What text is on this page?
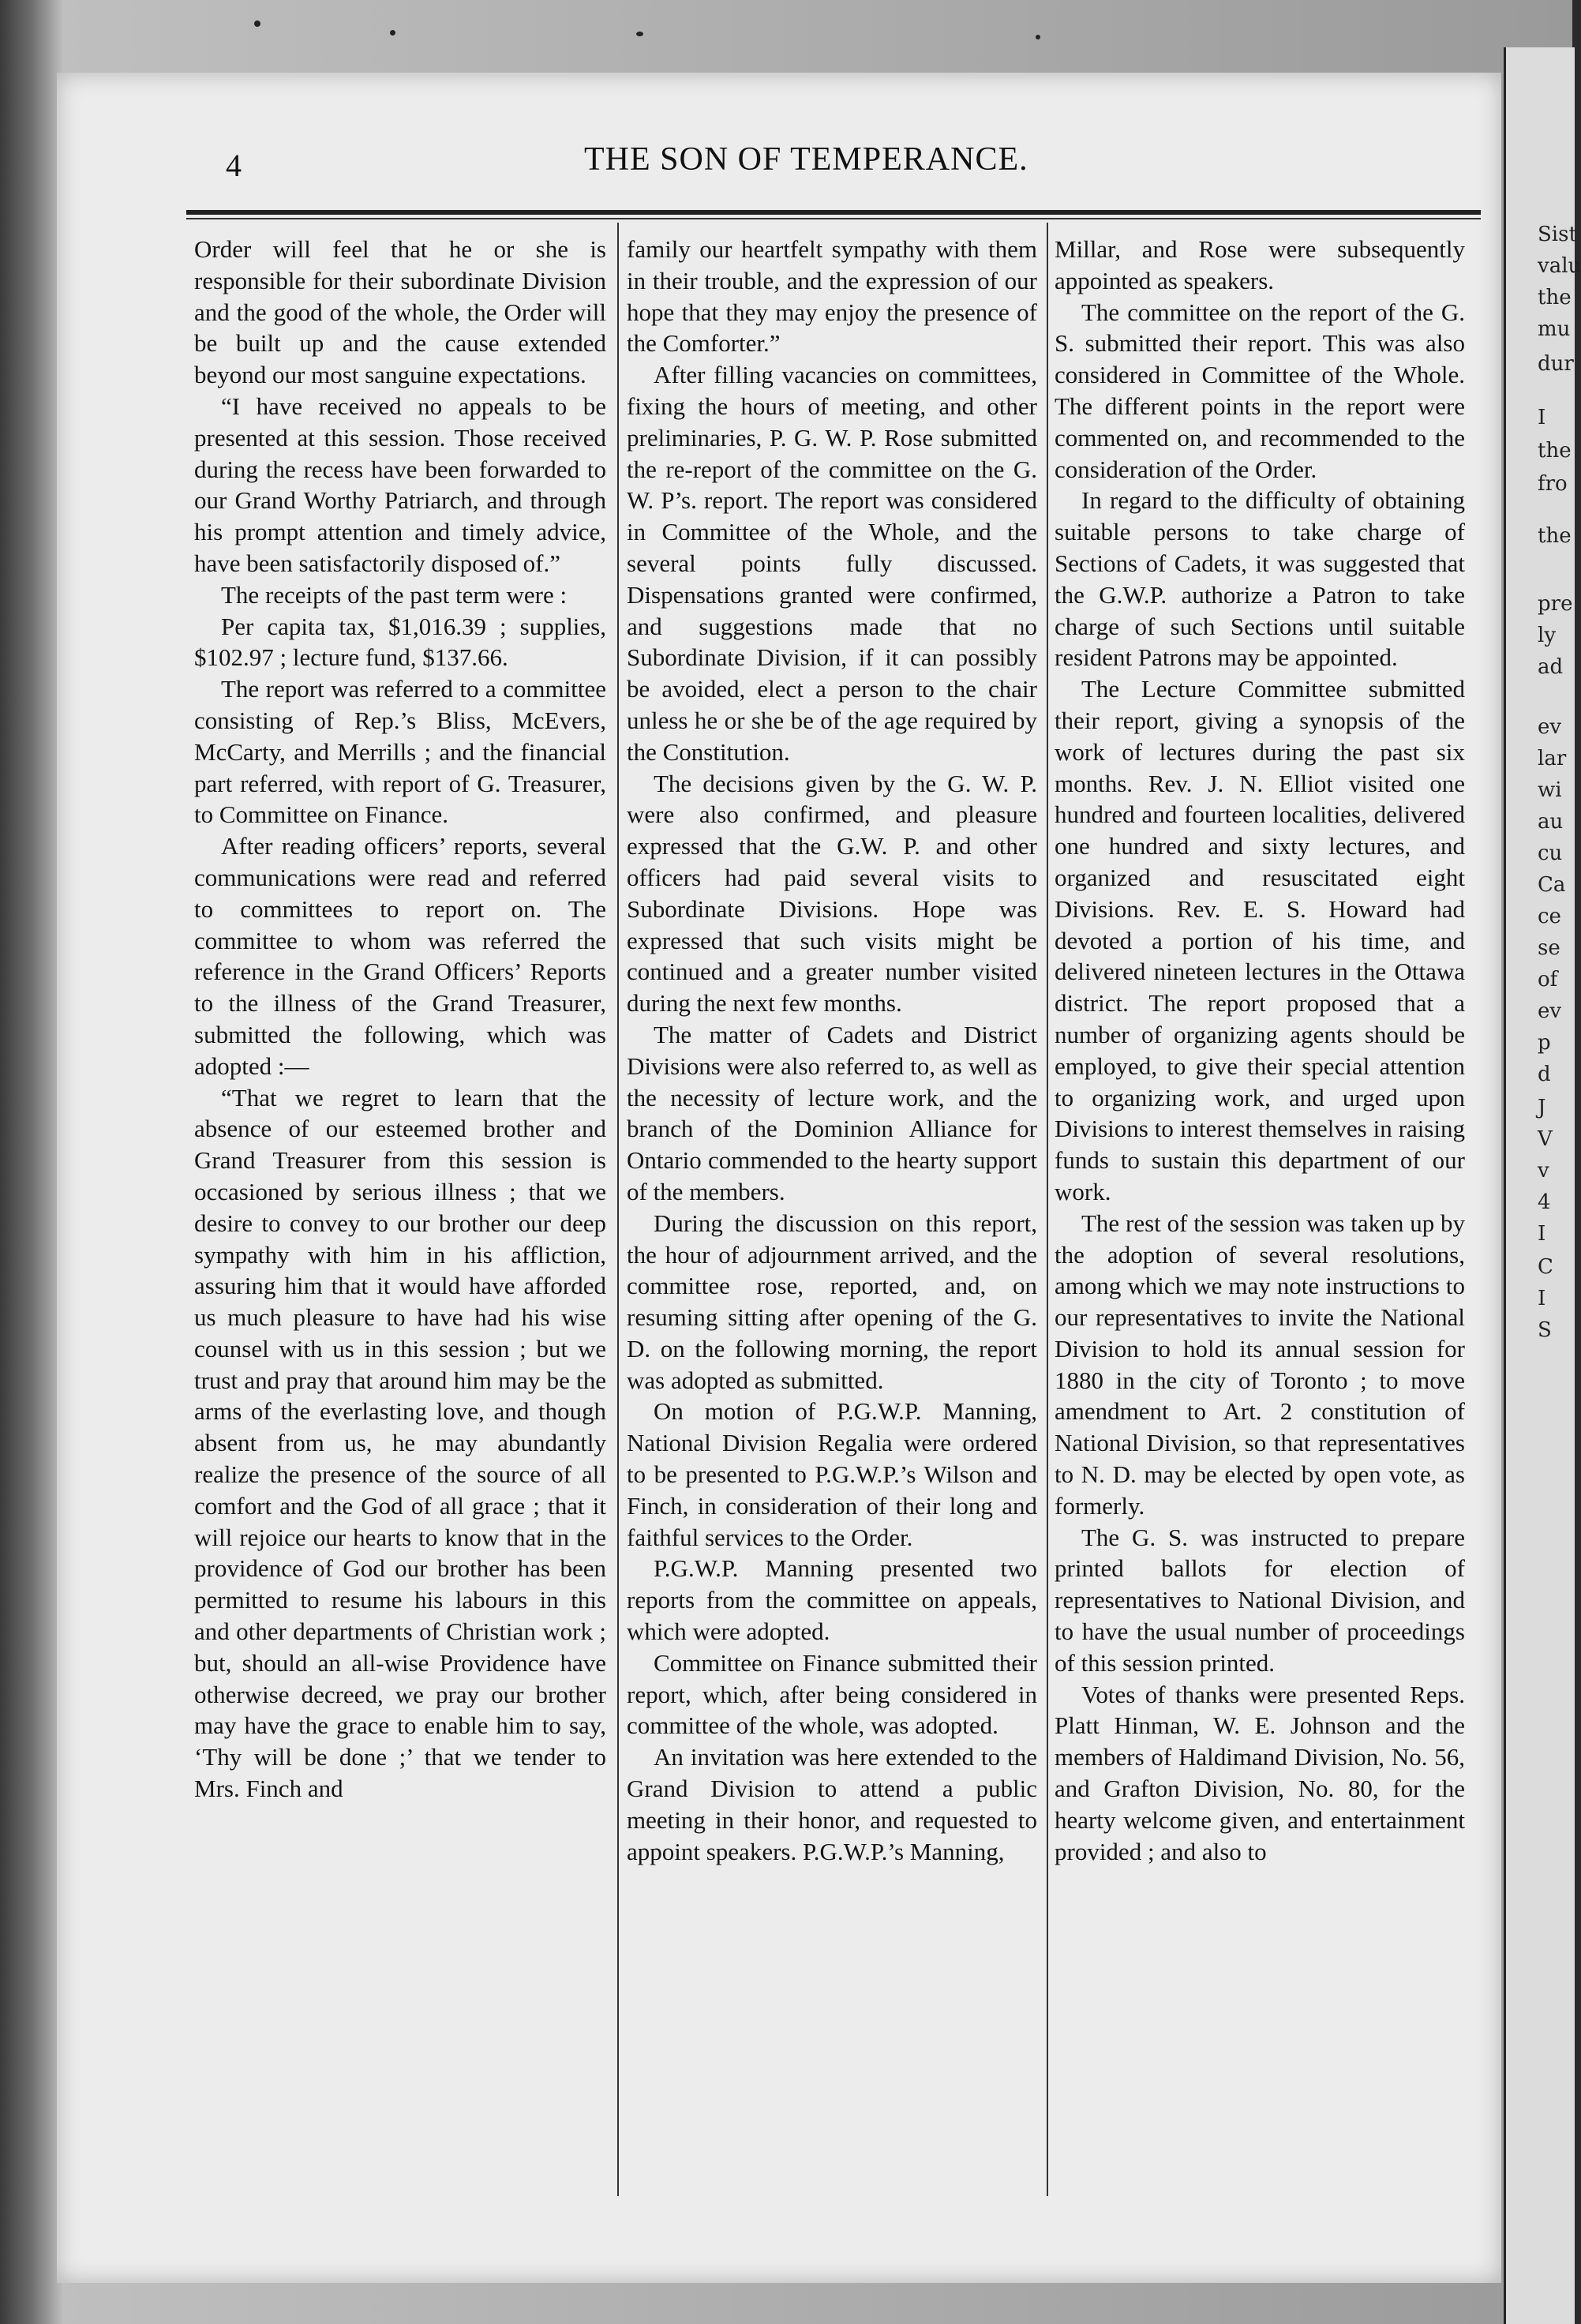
Sist
valu
the
mu
dur
I
the
fro
the
pre
ly
ad
ev
lar
wi
au
cu
Ca
ce
se
of
ev
p
d
J
V
v
4
I
C
I
S
4	THE SON OF TEMPERANCE.

Order will feel that he or she is responsible for their subordinate Division and the good of the whole, the Order will be built up and the cause extended beyond our most sanguine expectations.

“I have received no appeals to be presented at this session. Those received during the recess have been forwarded to our Grand Worthy Patriarch, and through his prompt attention and timely advice, have been satisfactorily disposed of.”

The receipts of the past term were :

Per capita tax, $1,016.39 ; supplies, $102.97 ; lecture fund, $137.66.

The report was referred to a committee consisting of Rep.’s Bliss, McEvers, McCarty, and Merrills ; and the financial part referred, with report of G. Treasurer, to Committee on Finance.

After reading officers’ reports, several communications were read and referred to committees to report on. The committee to whom was referred the reference in the Grand Officers’ Reports to the illness of the Grand Treasurer, submitted the following, which was adopted :—

“That we regret to learn that the absence of our esteemed brother and Grand Treasurer from this session is occasioned by serious illness ; that we desire to convey to our brother our deep sympathy with him in his affliction, assuring him that it would have afforded us much pleasure to have had his wise counsel with us in this session ; but we trust and pray that around him may be the arms of the everlasting love, and though absent from us, he may abundantly realize the presence of the source of all comfort and the God of all grace ; that it will rejoice our hearts to know that in the providence of God our brother has been permitted to resume his labours in this and other departments of Christian work ; but, should an all-wise Providence have otherwise decreed, we pray our brother may have the grace to enable him to say, ‘Thy will be done ;’ that we tender to Mrs. Finch and

family our heartfelt sympathy with them in their trouble, and the expression of our hope that they may enjoy the presence of the Comforter.”

After filling vacancies on committees, fixing the hours of meeting, and other preliminaries, P. G. W. P. Rose submitted the re-report of the committee on the G. W. P’s. report. The report was considered in Committee of the Whole, and the several points fully discussed. Dispensations granted were confirmed, and suggestions made that no Subordinate Division, if it can possibly be avoided, elect a person to the chair unless he or she be of the age required by the Constitution.

The decisions given by the G. W. P. were also confirmed, and pleasure expressed that the G.W. P. and other officers had paid several visits to Subordinate Divisions. Hope was expressed that such visits might be continued and a greater number visited during the next few months.

The matter of Cadets and District Divisions were also referred to, as well as the necessity of lecture work, and the branch of the Dominion Alliance for Ontario commended to the hearty support of the members.

During the discussion on this report, the hour of adjournment arrived, and the committee rose, reported, and, on resuming sitting after opening of the G. D. on the following morning, the report was adopted as submitted.

On motion of P.G.W.P. Manning, National Division Regalia were ordered to be presented to P.G.W.P.’s Wilson and Finch, in consideration of their long and faithful services to the Order.

P.G.W.P. Manning presented two reports from the committee on appeals, which were adopted.

Committee on Finance submitted their report, which, after being considered in committee of the whole, was adopted.

An invitation was here extended to the Grand Division to attend a public meeting in their honor, and requested to appoint speakers. P.G.W.P.’s Manning,

Millar, and Rose were subsequently appointed as speakers.

The committee on the report of the G. S. submitted their report. This was also considered in Committee of the Whole. The different points in the report were commented on, and recommended to the consideration of the Order.

In regard to the difficulty of obtaining suitable persons to take charge of Sections of Cadets, it was suggested that the G.W.P. authorize a Patron to take charge of such Sections until suitable resident Patrons may be appointed.

The Lecture Committee submitted their report, giving a synopsis of the work of lectures during the past six months. Rev. J. N. Elliot visited one hundred and fourteen localities, delivered one hundred and sixty lectures, and organized and resuscitated eight Divisions. Rev. E. S. Howard had devoted a portion of his time, and delivered nineteen lectures in the Ottawa district. The report proposed that a number of organizing agents should be employed, to give their special attention to organizing work, and urged upon Divisions to interest themselves in raising funds to sustain this department of our work.

The rest of the session was taken up by the adoption of several resolutions, among which we may note instructions to our representatives to invite the National Division to hold its annual session for 1880 in the city of Toronto ; to move amendment to Art. 2 constitution of National Division, so that representatives to N. D. may be elected by open vote, as formerly.

The G. S. was instructed to prepare printed ballots for election of representatives to National Division, and to have the usual number of proceedings of this session printed.

Votes of thanks were presented Reps. Platt Hinman, W. E. Johnson and the members of Haldimand Division, No. 56, and Grafton Division, No. 80, for the hearty welcome given, and entertainment provided ; and also to
